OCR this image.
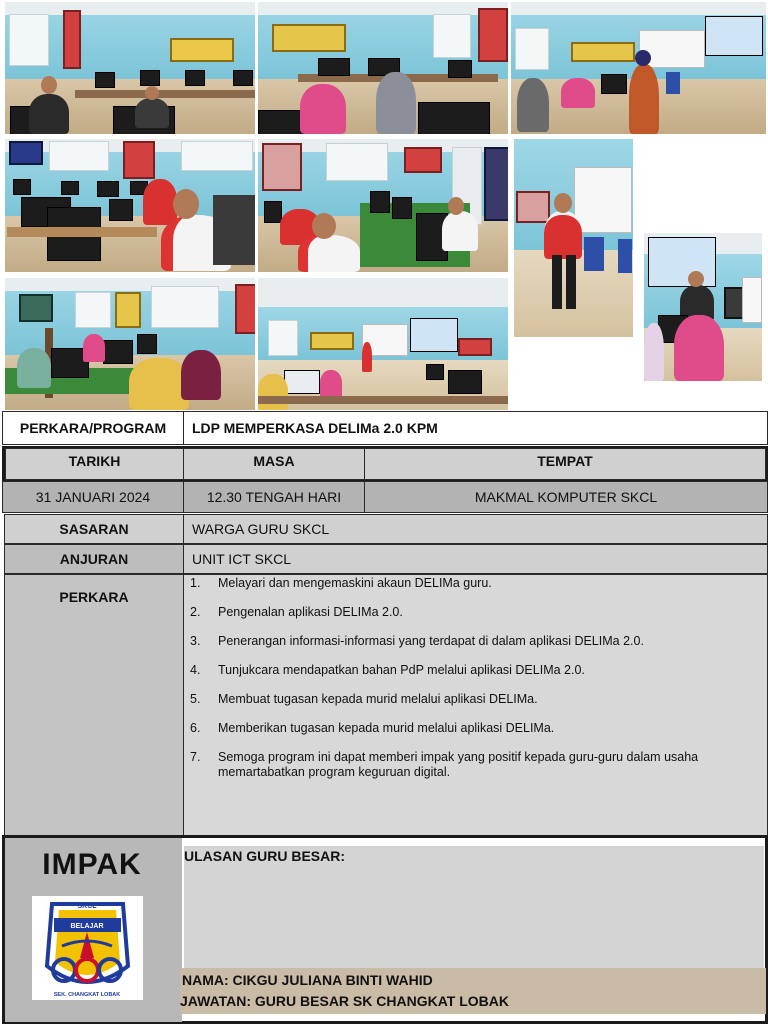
PERKARA/PROGRAM	LDP MEMPERKASA DELIMa 2.0 KPM
TARIKH	MASA	TEMPAT
31 JANUARI 2024	12.30 TENGAH HARI	MAKMAL KOMPUTER SKCL
SASARAN	WARGA GURU SKCL
ANJURAN	UNIT ICT SKCL
PERKARA
1.	Melayari dan mengemaskini akaun DELIMa guru.
2.	Pengenalan aplikasi DELIMa 2.0.
3.	Penerangan informasi-informasi yang terdapat di dalam aplikasi DELIMa 2.0.
4.	Tunjukcara mendapatkan bahan PdP melalui aplikasi DELIMa 2.0.
5.	Membuat tugasan kepada murid melalui aplikasi DELIMa.
6.	Memberikan tugasan kepada murid melalui aplikasi DELIMa.
7.	Semoga program ini dapat memberi impak yang positif kepada guru-guru dalam usaha memartabatkan program keguruan digital.
IMPAK
SKCL
BELAJAR
SEK. CHANGKAT LOBAK
ULASAN GURU BESAR:
NAMA: CIKGU JULIANA BINTI WAHID
JAWATAN: GURU BESAR SK CHANGKAT LOBAK
